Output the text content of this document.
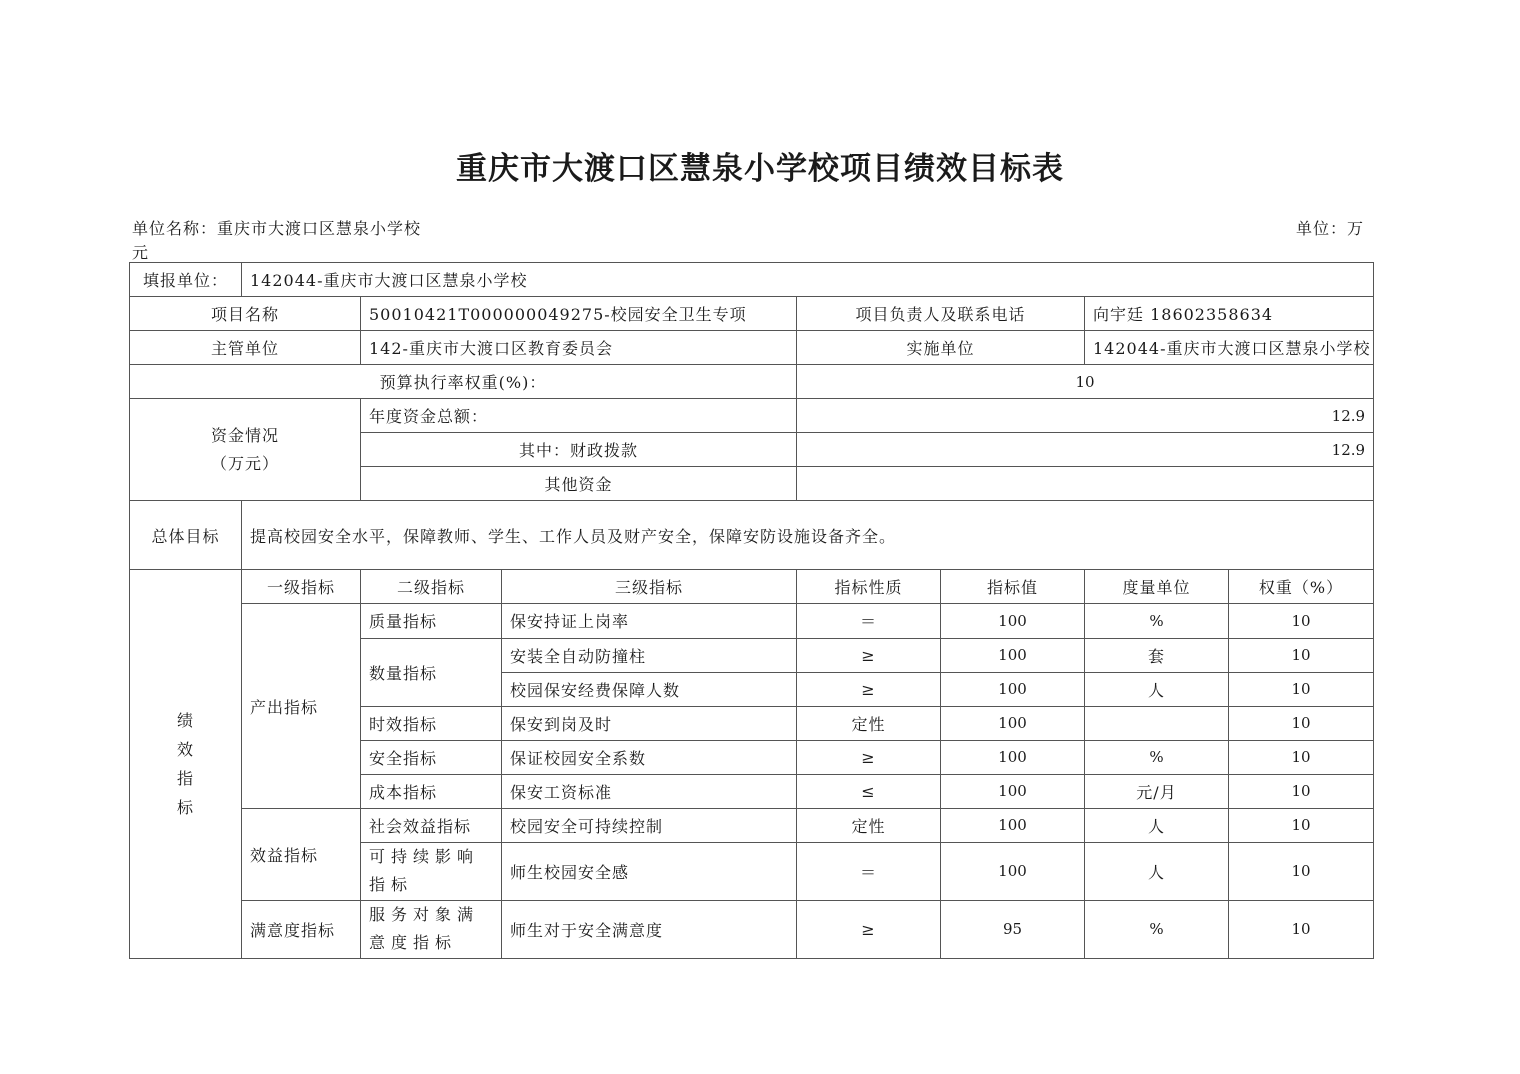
重庆市大渡口区慧泉小学校项目绩效目标表
单位名称：重庆市大渡口区慧泉小学校
元
单位：万
填报单位：	142044-重庆市大渡口区慧泉小学校						
项目名称		50010421T000000049275-校园安全卫生专项		项目负责人及联系电话		向宇廷 18602358634	
主管单位		142-重庆市大渡口区教育委员会		实施单位		142044-重庆市大渡口区慧泉小学校	
预算执行率权重(%)：				10			

资金情况
（万元）		年度资金总额：		12.9			
		其中：财政拨款		12.9			
		其他资金					
总体目标	提高校园安全水平，保障教师、学生、工作人员及财产安全，保障安防设施设备齐全。						

绩
效
指
标	一级指标	二级指标	三级指标	指标性质	指标值	度量单位	权重（%）
	产出指标	质量指标	保安持证上岗率	＝	100	%	10
		数量指标	安装全自动防撞柱	≥	100	套	10
			校园保安经费保障人数	≥	100	人	10
		时效指标	保安到岗及时	定性	100		10
		安全指标	保证校园安全系数	≥	100	%	10
		成本指标	保安工资标准	≤	100	元/月	10
	效益指标	社会效益指标	校园安全可持续控制	定性	100	人	10
		可持续影响指标	师生校园安全感	＝	100	人	10
	满意度指标	服务对象满意度指标	师生对于安全满意度	≥	95	%	10
